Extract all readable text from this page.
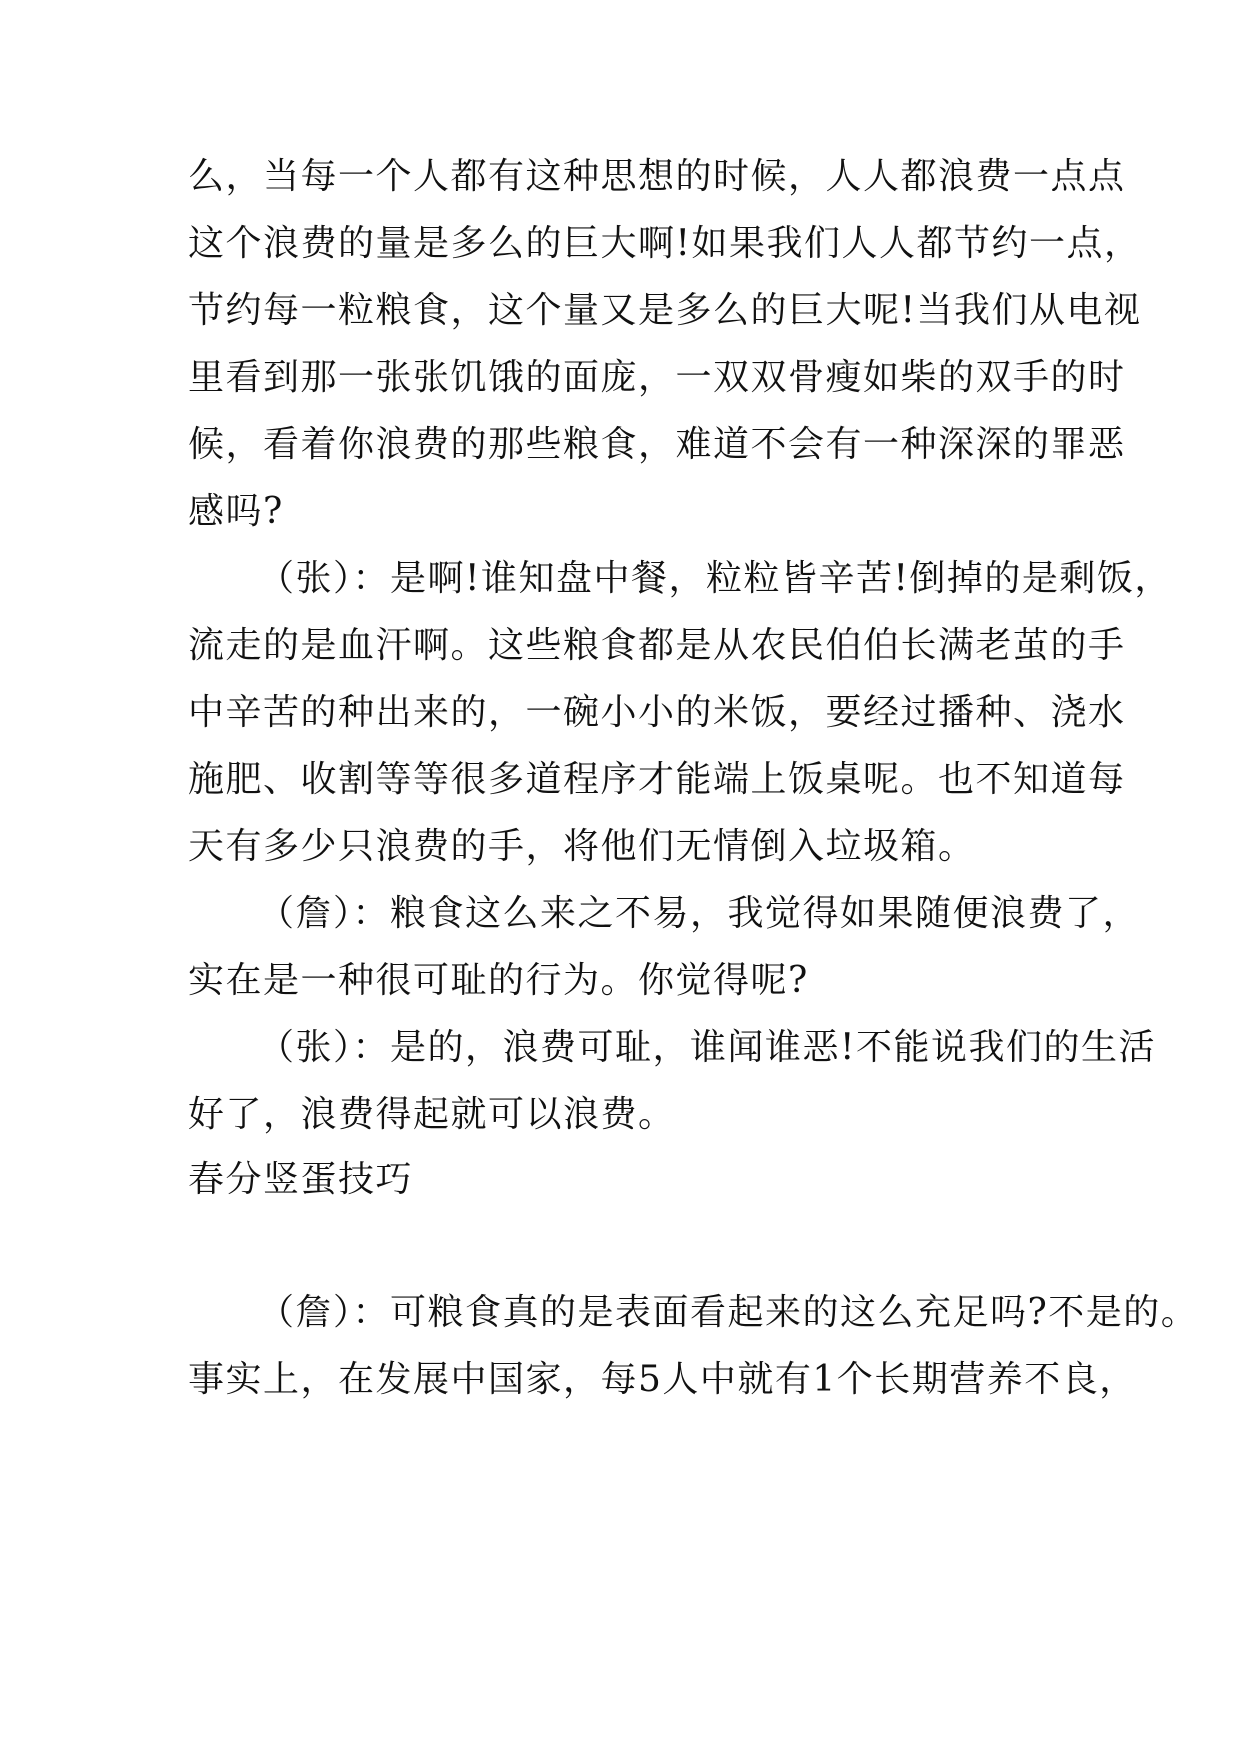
么，当每一个人都有这种思想的时候，人人都浪费一点点
这个浪费的量是多么的巨大啊!如果我们人人都节约一点，
节约每一粒粮食，这个量又是多么的巨大呢!当我们从电视
里看到那一张张饥饿的面庞，一双双骨瘦如柴的双手的时
候，看着你浪费的那些粮食，难道不会有一种深深的罪恶
感吗?
（张）：是啊!谁知盘中餐，粒粒皆辛苦!倒掉的是剩饭，
流走的是血汗啊。这些粮食都是从农民伯伯长满老茧的手
中辛苦的种出来的，一碗小小的米饭，要经过播种、浇水
施肥、收割等等很多道程序才能端上饭桌呢。也不知道每
天有多少只浪费的手，将他们无情倒入垃圾箱。
（詹）：粮食这么来之不易，我觉得如果随便浪费了，
实在是一种很可耻的行为。你觉得呢?
（张）：是的，浪费可耻，谁闻谁恶!不能说我们的生活
好了，浪费得起就可以浪费。
春分竖蛋技巧
（詹）：可粮食真的是表面看起来的这么充足吗?不是的。
事实上，在发展中国家，每5人中就有1个长期营养不良，
